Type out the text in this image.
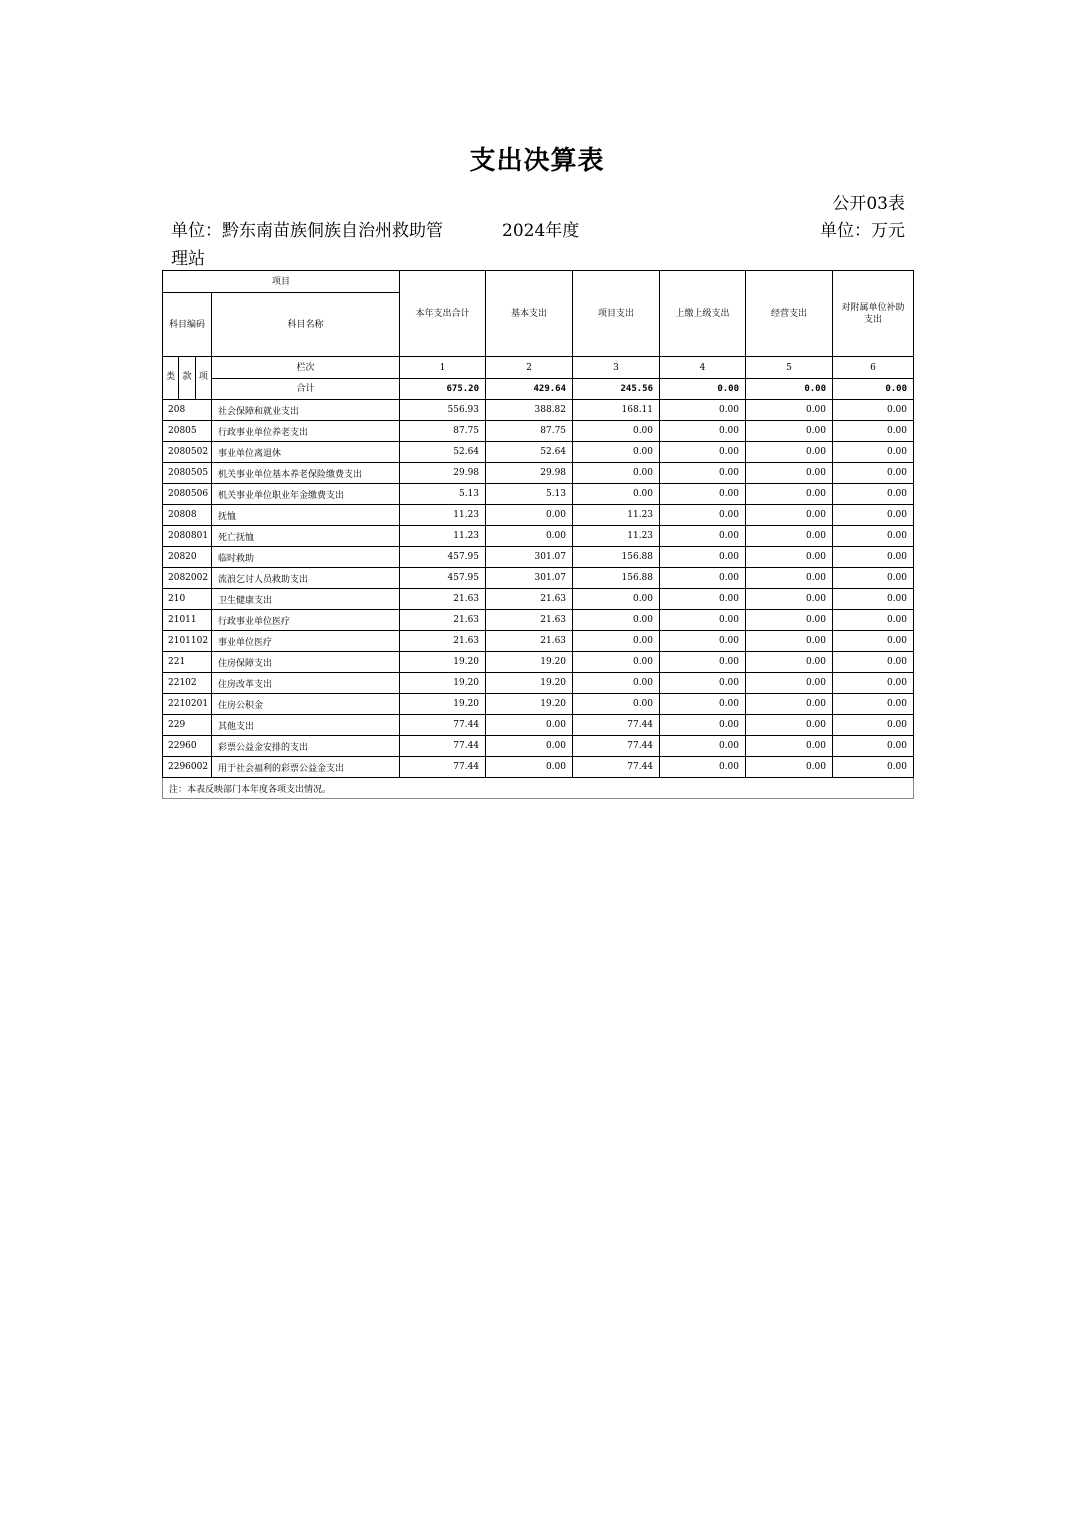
支出决算表
公开03表
单位：黔东南苗族侗族自治州救助管理站
2024年度	单位：万元
项目		本年支出合计	基本支出	项目支出	上缴上级支出	经营支出	对附属单位补助支出
科目编码	科目名称						

类 款 项	栏次	1	2	3	4	5	6
	合计	675.20	429.64	245.56	0.00	0.00	0.00
208	社会保障和就业支出	556.93	388.82	168.11	0.00	0.00	0.00
20805	行政事业单位养老支出	87.75	87.75	0.00	0.00	0.00	0.00
2080502	事业单位离退休	52.64	52.64	0.00	0.00	0.00	0.00
2080505	机关事业单位基本养老保险缴费支出	29.98	29.98	0.00	0.00	0.00	0.00
2080506	机关事业单位职业年金缴费支出	5.13	5.13	0.00	0.00	0.00	0.00
20808	抚恤	11.23	0.00	11.23	0.00	0.00	0.00
2080801	死亡抚恤	11.23	0.00	11.23	0.00	0.00	0.00
20820	临时救助	457.95	301.07	156.88	0.00	0.00	0.00
2082002	流浪乞讨人员救助支出	457.95	301.07	156.88	0.00	0.00	0.00
210	卫生健康支出	21.63	21.63	0.00	0.00	0.00	0.00
21011	行政事业单位医疗	21.63	21.63	0.00	0.00	0.00	0.00
2101102	事业单位医疗	21.63	21.63	0.00	0.00	0.00	0.00
221	住房保障支出	19.20	19.20	0.00	0.00	0.00	0.00
22102	住房改革支出	19.20	19.20	0.00	0.00	0.00	0.00
2210201	住房公积金	19.20	19.20	0.00	0.00	0.00	0.00
229	其他支出	77.44	0.00	77.44	0.00	0.00	0.00
22960	彩票公益金安排的支出	77.44	0.00	77.44	0.00	0.00	0.00
2296002	用于社会福利的彩票公益金支出	77.44	0.00	77.44	0.00	0.00	0.00
注：本表反映部门本年度各项支出情况。							
